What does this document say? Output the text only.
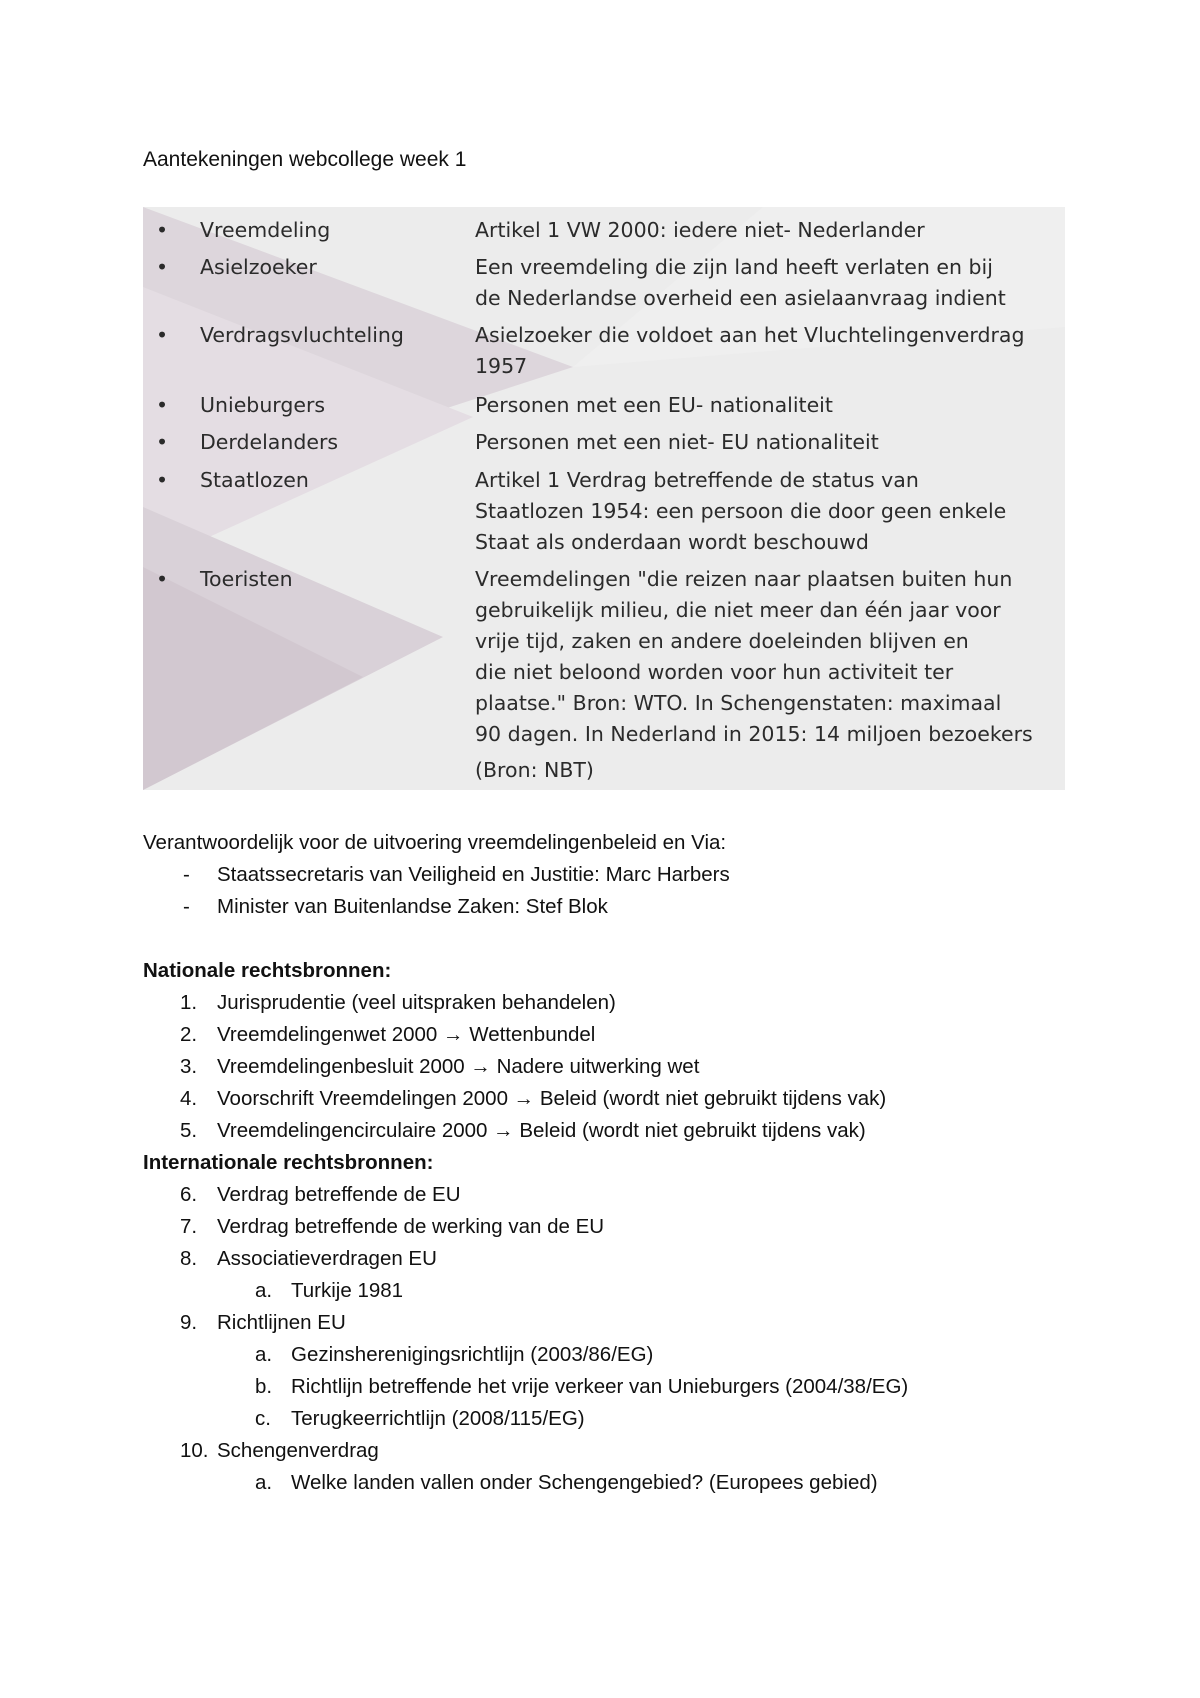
Aantekeningen webcollege week 1
• Vreemdeling	Artikel 1 VW 2000: iedere niet- Nederlander
• Asielzoeker	Een vreemdeling die zijn land heeft verlaten en bij
de Nederlandse overheid een asielaanvraag indient
• Verdragsvluchteling	Asielzoeker die voldoet aan het Vluchtelingenverdrag
1957
• Unieburgers	Personen met een EU- nationaliteit
• Derdelanders	Personen met een niet- EU nationaliteit
• Staatlozen	Artikel 1 Verdrag betreffende de status van
Staatlozen 1954: een persoon die door geen enkele
Staat als onderdaan wordt beschouwd
• Toeristen	Vreemdelingen "die reizen naar plaatsen buiten hun
gebruikelijk milieu, die niet meer dan één jaar voor
vrije tijd, zaken en andere doeleinden blijven en
die niet beloond worden voor hun activiteit ter
plaatse." Bron: WTO. In Schengenstaten: maximaal
90 dagen. In Nederland in 2015: 14 miljoen bezoekers
(Bron: NBT)
Verantwoordelijk voor de uitvoering vreemdelingenbeleid en Via:
- Staatssecretaris van Veiligheid en Justitie: Marc Harbers
- Minister van Buitenlandse Zaken: Stef Blok
Nationale rechtsbronnen:
1. Jurisprudentie (veel uitspraken behandelen)
2. Vreemdelingenwet 2000 → Wettenbundel
3. Vreemdelingenbesluit 2000 → Nadere uitwerking wet
4. Voorschrift Vreemdelingen 2000 → Beleid (wordt niet gebruikt tijdens vak)
5. Vreemdelingencirculaire 2000 → Beleid (wordt niet gebruikt tijdens vak)
Internationale rechtsbronnen:
6. Verdrag betreffende de EU
7. Verdrag betreffende de werking van de EU
8. Associatieverdragen EU
a. Turkije 1981
9. Richtlijnen EU
a. Gezinsherenigingsrichtlijn (2003/86/EG)
b. Richtlijn betreffende het vrije verkeer van Unieburgers (2004/38/EG)
c. Terugkeerrichtlijn (2008/115/EG)
10. Schengenverdrag
a. Welke landen vallen onder Schengengebied? (Europees gebied)
